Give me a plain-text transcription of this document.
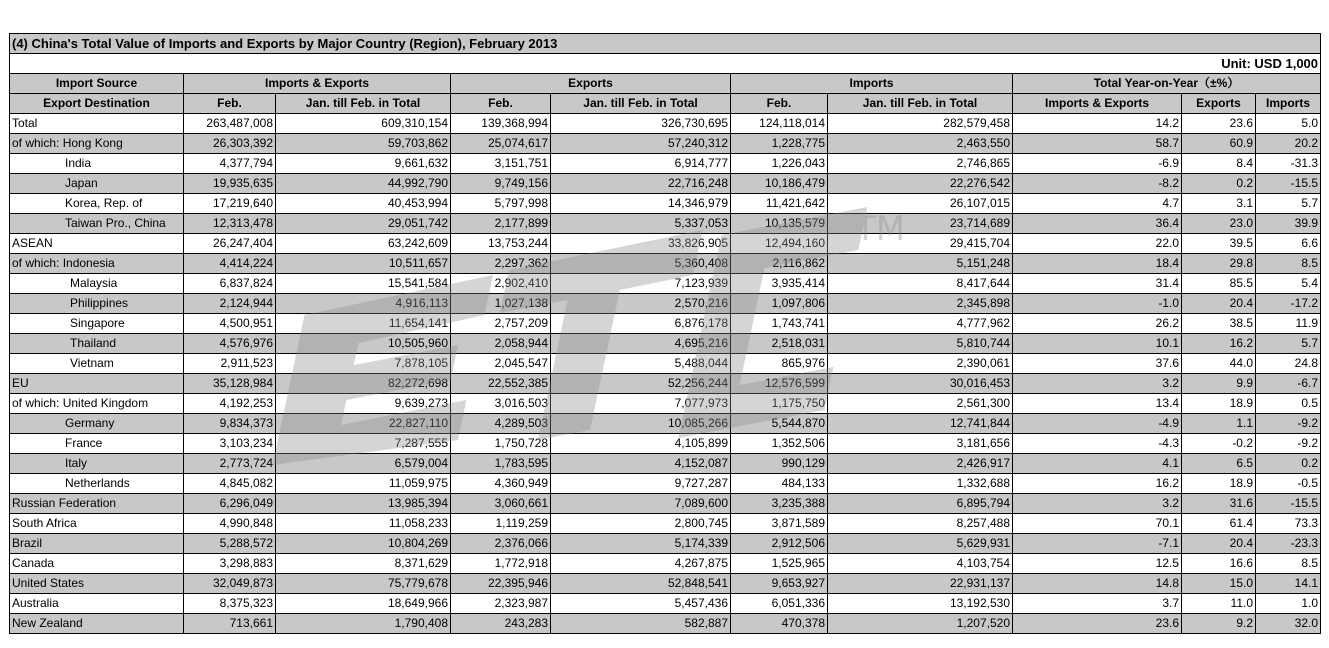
(4) China's Total Value of Imports and Exports by Major Country (Region), February 2013									
Unit: USD 1,000									
Import Source	Imports & Exports		Exports		Imports		Total Year-on-Year（±%）		
Export Destination	Feb.	Jan. till Feb. in Total	Feb.	Jan. till Feb. in Total	Feb.	Jan. till Feb. in Total	Imports & Exports	Exports	Imports
Total	263,487,008	609,310,154	139,368,994	326,730,695	124,118,014	282,579,458	14.2	23.6	5.0
of which: Hong Kong	26,303,392	59,703,862	25,074,617	57,240,312	1,228,775	2,463,550	58.7	60.9	20.2
India	4,377,794	9,661,632	3,151,751	6,914,777	1,226,043	2,746,865	-6.9	8.4	-31.3
Japan	19,935,635	44,992,790	9,749,156	22,716,248	10,186,479	22,276,542	-8.2	0.2	-15.5
Korea, Rep. of	17,219,640	40,453,994	5,797,998	14,346,979	11,421,642	26,107,015	4.7	3.1	5.7
Taiwan Pro., China	12,313,478	29,051,742	2,177,899	5,337,053	10,135,579	23,714,689	36.4	23.0	39.9
ASEAN	26,247,404	63,242,609	13,753,244	33,826,905	12,494,160	29,415,704	22.0	39.5	6.6
of which: Indonesia	4,414,224	10,511,657	2,297,362	5,360,408	2,116,862	5,151,248	18.4	29.8	8.5
Malaysia	6,837,824	15,541,584	2,902,410	7,123,939	3,935,414	8,417,644	31.4	85.5	5.4
Philippines	2,124,944	4,916,113	1,027,138	2,570,216	1,097,806	2,345,898	-1.0	20.4	-17.2
Singapore	4,500,951	11,654,141	2,757,209	6,876,178	1,743,741	4,777,962	26.2	38.5	11.9
Thailand	4,576,976	10,505,960	2,058,944	4,695,216	2,518,031	5,810,744	10.1	16.2	5.7
Vietnam	2,911,523	7,878,105	2,045,547	5,488,044	865,976	2,390,061	37.6	44.0	24.8
EU	35,128,984	82,272,698	22,552,385	52,256,244	12,576,599	30,016,453	3.2	9.9	-6.7
of which: United Kingdom	4,192,253	9,639,273	3,016,503	7,077,973	1,175,750	2,561,300	13.4	18.9	0.5
Germany	9,834,373	22,827,110	4,289,503	10,085,266	5,544,870	12,741,844	-4.9	1.1	-9.2
France	3,103,234	7,287,555	1,750,728	4,105,899	1,352,506	3,181,656	-4.3	-0.2	-9.2
Italy	2,773,724	6,579,004	1,783,595	4,152,087	990,129	2,426,917	4.1	6.5	0.2
Netherlands	4,845,082	11,059,975	4,360,949	9,727,287	484,133	1,332,688	16.2	18.9	-0.5
Russian Federation	6,296,049	13,985,394	3,060,661	7,089,600	3,235,388	6,895,794	3.2	31.6	-15.5
South Africa	4,990,848	11,058,233	1,119,259	2,800,745	3,871,589	8,257,488	70.1	61.4	73.3
Brazil	5,288,572	10,804,269	2,376,066	5,174,339	2,912,506	5,629,931	-7.1	20.4	-23.3
Canada	3,298,883	8,371,629	1,772,918	4,267,875	1,525,965	4,103,754	12.5	16.6	8.5
United States	32,049,873	75,779,678	22,395,946	52,848,541	9,653,927	22,931,137	14.8	15.0	14.1
Australia	8,375,323	18,649,966	2,323,987	5,457,436	6,051,336	13,192,530	3.7	11.0	1.0
New Zealand	713,661	1,790,408	243,283	582,887	470,378	1,207,520	23.6	9.2	32.0
TM
